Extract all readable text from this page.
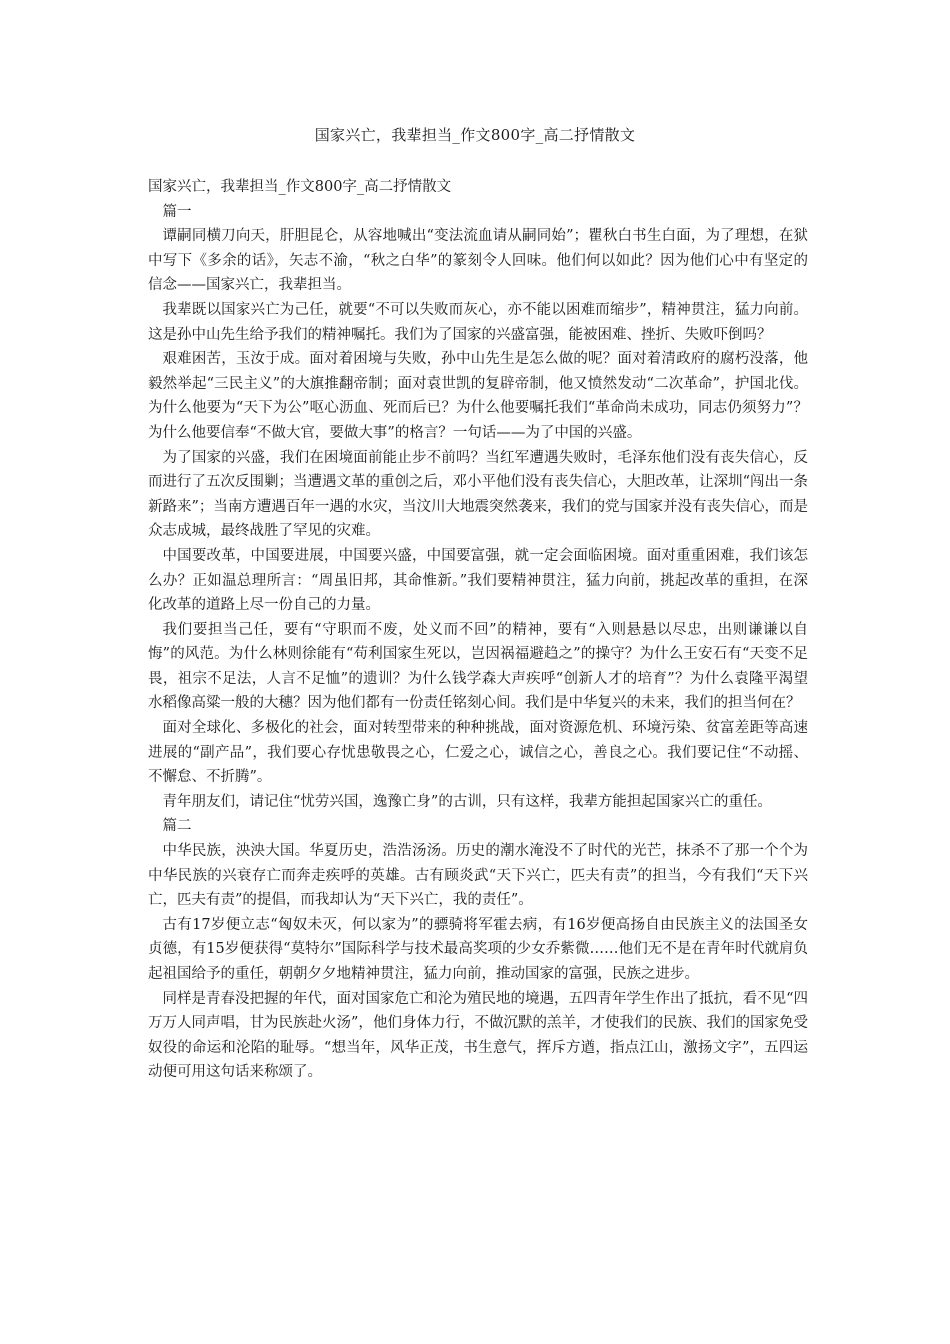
国家兴亡，我辈担当_作文800字_高二抒情散文

国家兴亡，我辈担当_作文800字_高二抒情散文

篇一

谭嗣同横刀向天，肝胆昆仑，从容地喊出“变法流血请从嗣同始”；瞿秋白书生白面，为了理想，在狱中写下《多余的话》，矢志不渝，“秋之白华”的篆刻令人回味。他们何以如此？因为他们心中有坚定的信念——国家兴亡，我辈担当。

我辈既以国家兴亡为己任，就要“不可以失败而灰心，亦不能以困难而缩步”，精神贯注，猛力向前。这是孙中山先生给予我们的精神嘱托。我们为了国家的兴盛富强，能被困难、挫折、失败吓倒吗？

艰难困苦，玉汝于成。面对着困境与失败，孙中山先生是怎么做的呢？面对着清政府的腐朽没落，他毅然举起“三民主义”的大旗推翻帝制；面对袁世凯的复辟帝制，他又愤然发动“二次革命”，护国北伐。为什么他要为“天下为公”呕心沥血、死而后已？为什么他要嘱托我们“革命尚未成功，同志仍须努力”？为什么他要信奉“不做大官，要做大事”的格言？一句话——为了中国的兴盛。

为了国家的兴盛，我们在困境面前能止步不前吗？当红军遭遇失败时，毛泽东他们没有丧失信心，反而进行了五次反围剿；当遭遇文革的重创之后，邓小平他们没有丧失信心，大胆改革，让深圳“闯出一条新路来”；当南方遭遇百年一遇的水灾，当汶川大地震突然袭来，我们的党与国家并没有丧失信心，而是众志成城，最终战胜了罕见的灾难。

中国要改革，中国要进展，中国要兴盛，中国要富强，就一定会面临困境。面对重重困难，我们该怎么办？正如温总理所言：“周虽旧邦，其命惟新。”我们要精神贯注，猛力向前，挑起改革的重担，在深化改革的道路上尽一份自己的力量。

我们要担当己任，要有“守职而不废，处义而不回”的精神，要有“入则悬悬以尽忠，出则谦谦以自悔”的风范。为什么林则徐能有“苟利国家生死以，岂因祸福避趋之”的操守？为什么王安石有“天变不足畏，祖宗不足法，人言不足恤”的遗训？为什么钱学森大声疾呼“创新人才的培育”？为什么袁隆平渴望水稻像高粱一般的大穗？因为他们都有一份责任铭刻心间。我们是中华复兴的未来，我们的担当何在？

面对全球化、多极化的社会，面对转型带来的种种挑战，面对资源危机、环境污染、贫富差距等高速进展的“副产品”，我们要心存忧患敬畏之心，仁爱之心，诚信之心，善良之心。我们要记住“不动摇、不懈怠、不折腾”。

青年朋友们，请记住“忧劳兴国，逸豫亡身”的古训，只有这样，我辈方能担起国家兴亡的重任。

篇二

中华民族，泱泱大国。华夏历史，浩浩汤汤。历史的潮水淹没不了时代的光芒，抹杀不了那一个个为中华民族的兴衰存亡而奔走疾呼的英雄。古有顾炎武“天下兴亡，匹夫有责”的担当，今有我们“天下兴亡，匹夫有责”的提倡，而我却认为“天下兴亡，我的责任”。

古有17岁便立志“匈奴未灭，何以家为”的骠骑将军霍去病，有16岁便高扬自由民族主义的法国圣女贞德，有15岁便获得“莫特尔”国际科学与技术最高奖项的少女乔紫微……他们无不是在青年时代就肩负起祖国给予的重任，朝朝夕夕地精神贯注，猛力向前，推动国家的富强，民族之进步。

同样是青春没把握的年代，面对国家危亡和沦为殖民地的境遇，五四青年学生作出了抵抗，看不见“四万万人同声唱，甘为民族赴火汤”，他们身体力行，不做沉默的羔羊，才使我们的民族、我们的国家免受奴役的命运和沦陷的耻辱。“想当年，风华正茂，书生意气，挥斥方遒，指点江山，激扬文字”，五四运动便可用这句话来称颂了。
